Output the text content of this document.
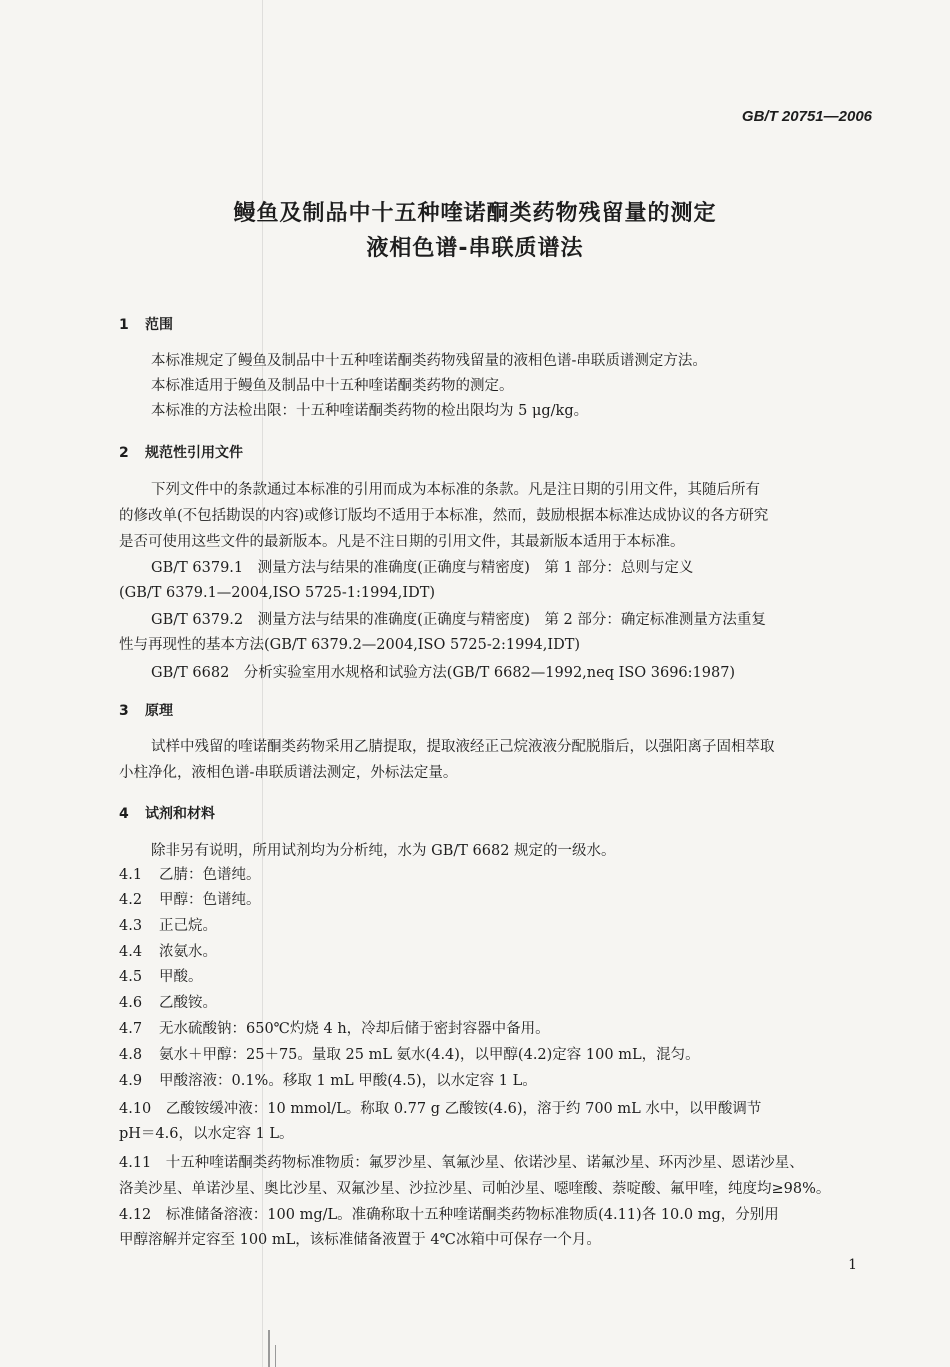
GB/T 20751—2006
鳗鱼及制品中十五种喹诺酮类药物残留量的测定
液相色谱-串联质谱法
1 范围
本标准规定了鳗鱼及制品中十五种喹诺酮类药物残留量的液相色谱-串联质谱测定方法。
本标准适用于鳗鱼及制品中十五种喹诺酮类药物的测定。
本标准的方法检出限：十五种喹诺酮类药物的检出限均为 5 μg/kg。
2 规范性引用文件
下列文件中的条款通过本标准的引用而成为本标准的条款。凡是注日期的引用文件，其随后所有
的修改单(不包括勘误的内容)或修订版均不适用于本标准，然而，鼓励根据本标准达成协议的各方研究
是否可使用这些文件的最新版本。凡是不注日期的引用文件，其最新版本适用于本标准。
GB/T 6379.1　测量方法与结果的准确度(正确度与精密度)　第 1 部分：总则与定义
(GB/T 6379.1—2004,ISO 5725-1:1994,IDT)
GB/T 6379.2　测量方法与结果的准确度(正确度与精密度)　第 2 部分：确定标准测量方法重复
性与再现性的基本方法(GB/T 6379.2—2004,ISO 5725-2:1994,IDT)
GB/T 6682　分析实验室用水规格和试验方法(GB/T 6682—1992,neq ISO 3696:1987)
3 原理
试样中残留的喹诺酮类药物采用乙腈提取，提取液经正己烷液液分配脱脂后，以强阳离子固相萃取
小柱净化，液相色谱-串联质谱法测定，外标法定量。
4 试剂和材料
除非另有说明，所用试剂均为分析纯，水为 GB/T 6682 规定的一级水。
4.1 乙腈：色谱纯。
4.2 甲醇：色谱纯。
4.3 正己烷。
4.4 浓氨水。
4.5 甲酸。
4.6 乙酸铵。
4.7 无水硫酸钠：650℃灼烧 4 h，冷却后储于密封容器中备用。
4.8 氨水＋甲醇：25＋75。量取 25 mL 氨水(4.4)，以甲醇(4.2)定容 100 mL，混匀。
4.9 甲酸溶液：0.1%。移取 1 mL 甲酸(4.5)，以水定容 1 L。
4.10　乙酸铵缓冲液：10 mmol/L。称取 0.77 g 乙酸铵(4.6)，溶于约 700 mL 水中，以甲酸调节
pH＝4.6，以水定容 1 L。
4.11　十五种喹诺酮类药物标准物质：氟罗沙星、氧氟沙星、依诺沙星、诺氟沙星、环丙沙星、恩诺沙星、
洛美沙星、单诺沙星、奥比沙星、双氟沙星、沙拉沙星、司帕沙星、噁喹酸、萘啶酸、氟甲喹，纯度均≥98%。
4.12　标准储备溶液：100 mg/L。准确称取十五种喹诺酮类药物标准物质(4.11)各 10.0 mg，分别用
甲醇溶解并定容至 100 mL，该标准储备液置于 4℃冰箱中可保存一个月。
1
